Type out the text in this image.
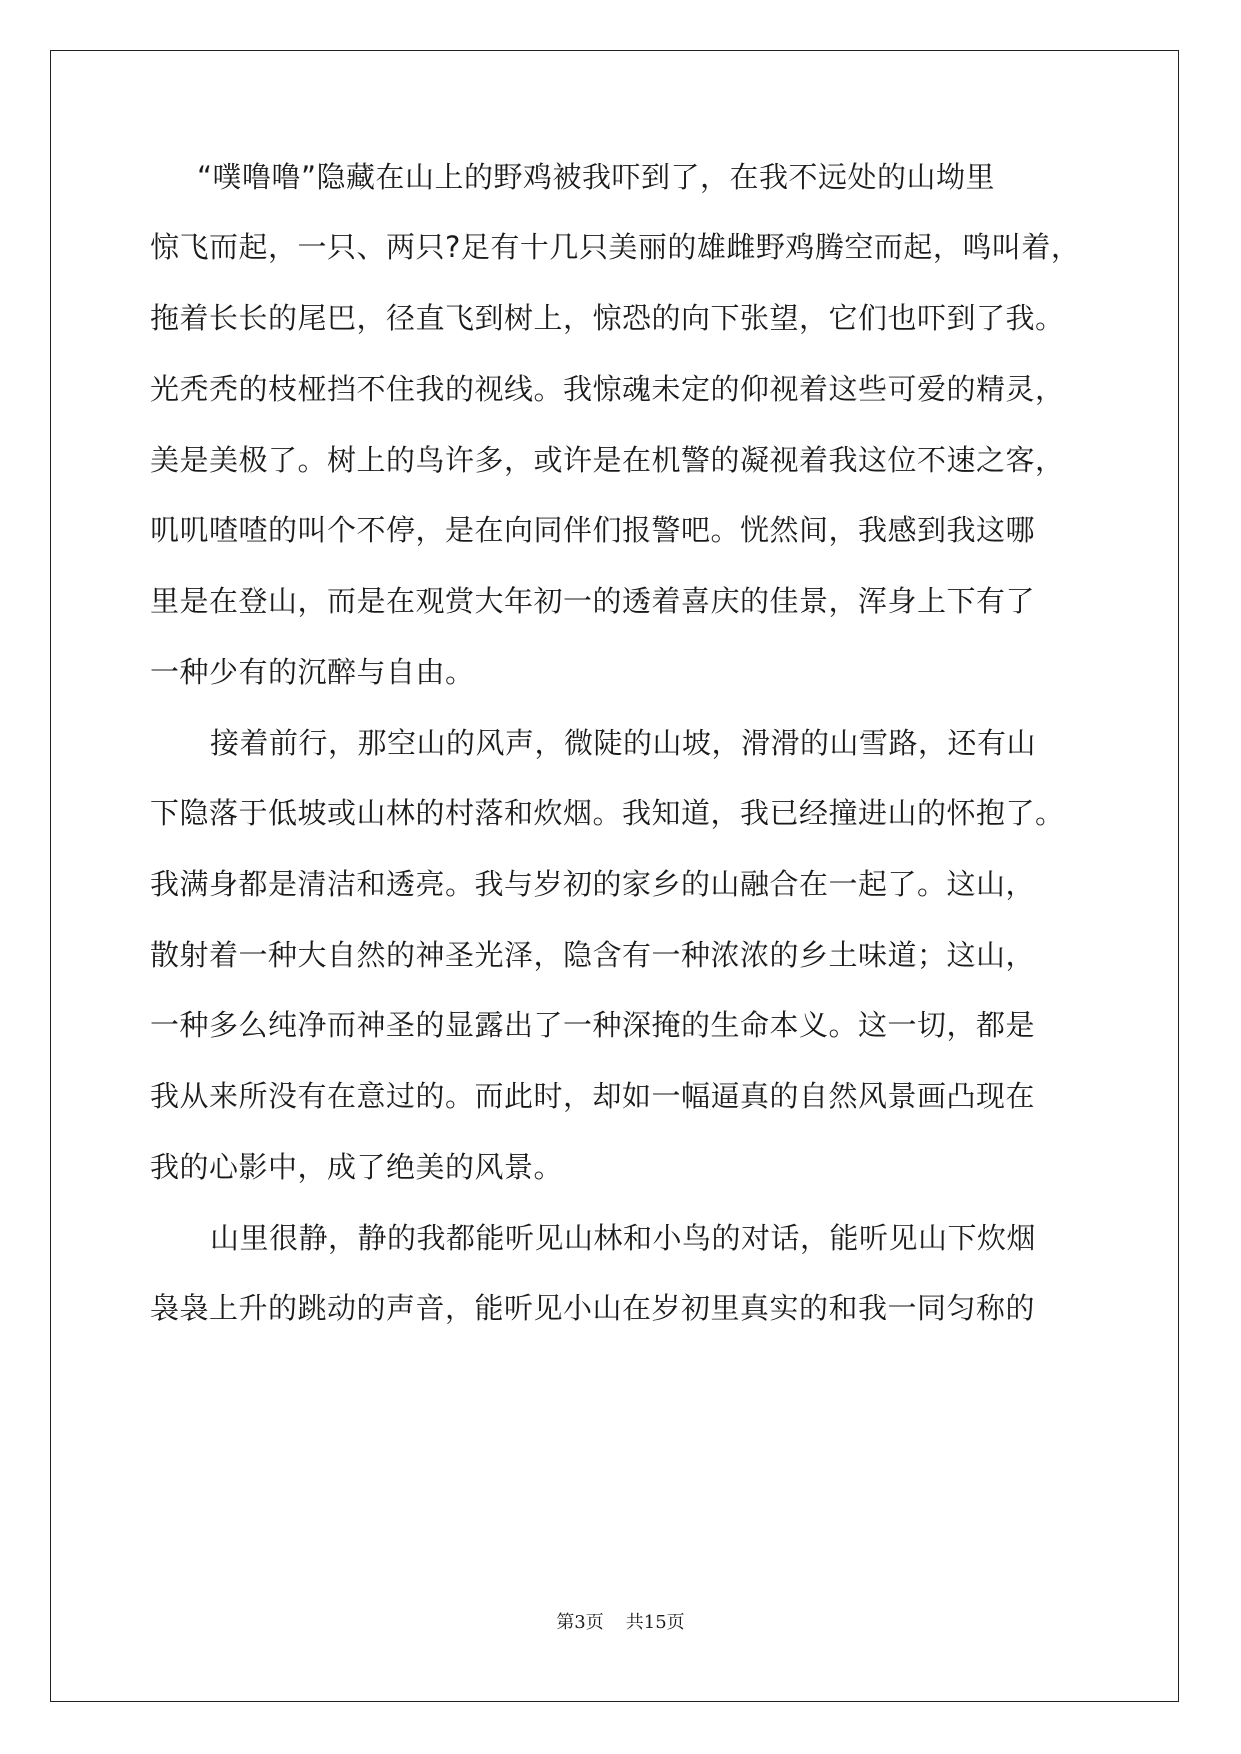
“噗噜噜”隐藏在山上的野鸡被我吓到了，在我不远处的山坳里
惊飞而起，一只、两只?足有十几只美丽的雄雌野鸡腾空而起，鸣叫着，
拖着长长的尾巴，径直飞到树上，惊恐的向下张望，它们也吓到了我。
光秃秃的枝桠挡不住我的视线。我惊魂未定的仰视着这些可爱的精灵，
美是美极了。树上的鸟许多，或许是在机警的凝视着我这位不速之客，
叽叽喳喳的叫个不停，是在向同伴们报警吧。恍然间，我感到我这哪
里是在登山，而是在观赏大年初一的透着喜庆的佳景，浑身上下有了
一种少有的沉醉与自由。
接着前行，那空山的风声，微陡的山坡，滑滑的山雪路，还有山
下隐落于低坡或山林的村落和炊烟。我知道，我已经撞进山的怀抱了。
我满身都是清洁和透亮。我与岁初的家乡的山融合在一起了。这山，
散射着一种大自然的神圣光泽，隐含有一种浓浓的乡土味道；这山，
一种多么纯净而神圣的显露出了一种深掩的生命本义。这一切，都是
我从来所没有在意过的。而此时，却如一幅逼真的自然风景画凸现在
我的心影中，成了绝美的风景。
山里很静，静的我都能听见山林和小鸟的对话，能听见山下炊烟
袅袅上升的跳动的声音，能听见小山在岁初里真实的和我一同匀称的
第3页 共15页
